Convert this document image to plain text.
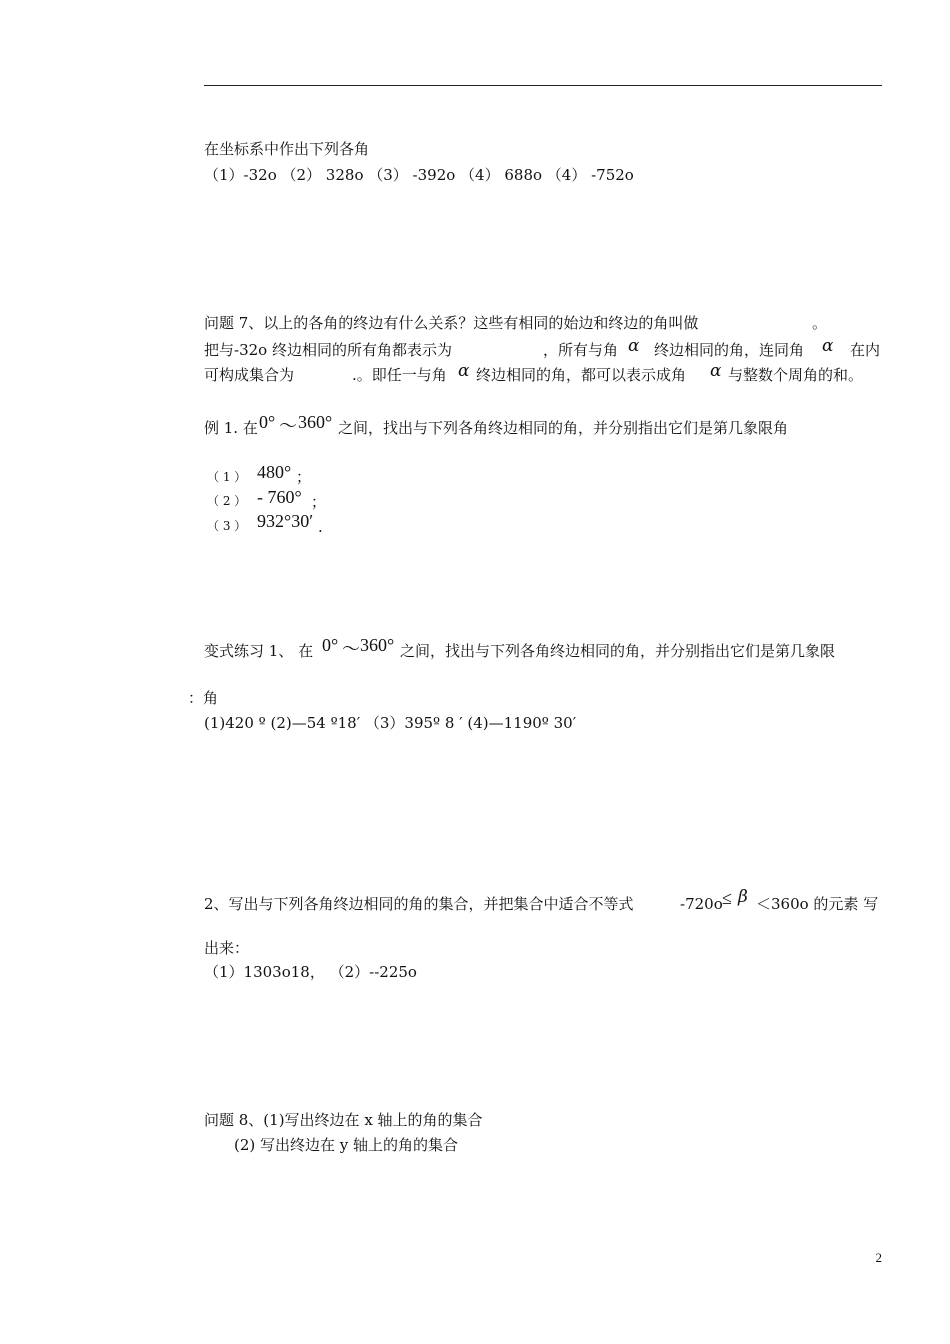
在坐标系中作出下列各角
（1）-32o （2） 328o （3） -392o （4） 688o （4） -752o
问题 7、以上的各角的终边有什么关系？这些有相同的始边和终边的角叫做	。
把与-32o 终边相同的所有角都表示为	，所有与角 α 终边相同的角，连同角 α 在内
可构成集合为	.。即任一与角 α 终边相同的角，都可以表示成角 α 与整数个周角的和。
例 1. 在 0° ～ 360° 之间，找出与下列各角终边相同的角，并分别指出它们是第几象限角
（ 1 ） 480° ；
（ 2 ） - 760° ；
（ 3 ） 932°30′ .
变式练习 1、 在 0° ～ 360° 之间，找出与下列各角终边相同的角，并分别指出它们是第几象限
：角
(1)420 º (2)—54 º18′ （3）395º 8 ′ (4)—1190º 30′
2、写出与下列各角终边相同的角的集合，并把集合中适合不等式	-720o ≤ β ＜360o 的元素 写
出来：
（1）1303o18， （2）--225o
问题 8、(1)写出终边在 x 轴上的角的集合
(2) 写出终边在 y 轴上的角的集合
2
